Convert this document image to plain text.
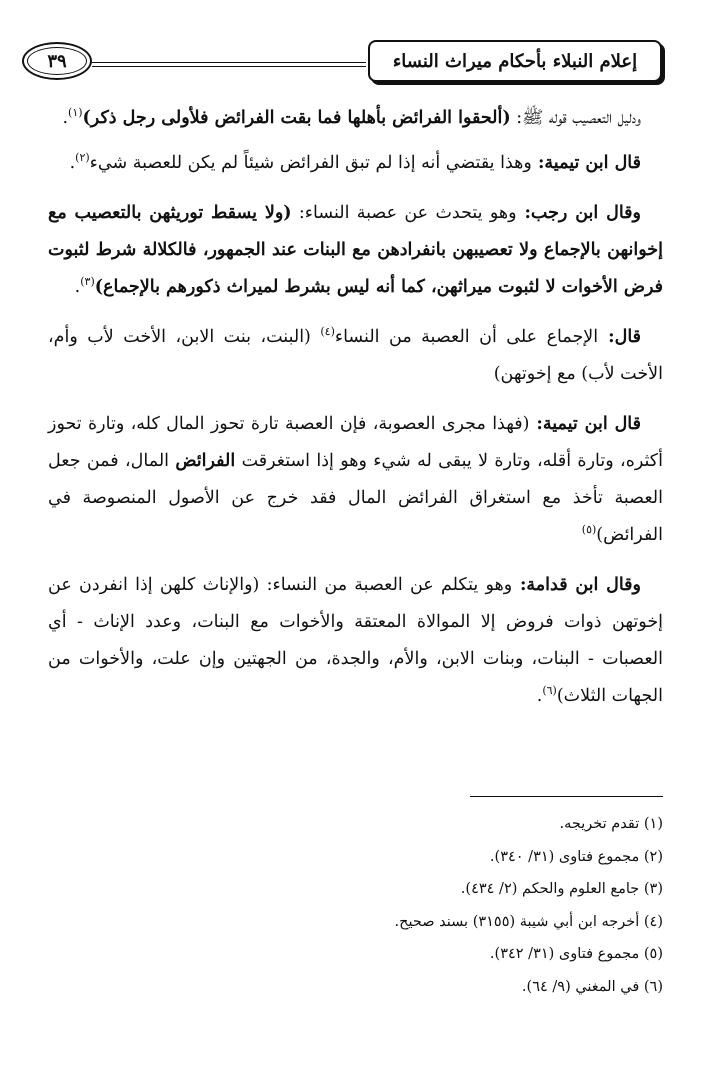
إعلام النبلاء بأحكام ميراث النساء
٣٩

ودليل التعصيب قوله ﷺ: (ألحقوا الفرائض بأهلها فما بقت الفرائض فلأولى رجل ذكر)$^{(١)}$.

قال ابن تيمية: وهذا يقتضي أنه إذا لم تبق الفرائض شيئاً لم يكن للعصبة شيء$^{(٢)}$.

وقال ابن رجب: وهو يتحدث عن عصبة النساء: (ولا يسقط توريثهن بالتعصيب مع إخوانهن بالإجماع ولا تعصيبهن بانفرادهن مع البنات عند الجمهور، فالكلالة شرط لثبوت فرض الأخوات لا لثبوت ميراثهن، كما أنه ليس بشرط لميراث ذكورهم بالإجماع)$^{(٣)}$.

قال: الإجماع على أن العصبة من النساء$^{(٤)}$ (البنت، بنت الابن، الأخت لأب وأم، الأخت لأب) مع إخوتهن)

قال ابن تيمية: (فهذا مجرى العصوبة، فإن العصبة تارة تحوز المال كله، وتارة تحوز أكثره، وتارة أقله، وتارة لا يبقى له شيء وهو إذا استغرقت الفرائض المال، فمن جعل العصبة تأخذ مع استغراق الفرائض المال فقد خرج عن الأصول المنصوصة في الفرائض)$^{(٥)}$

وقال ابن قدامة: وهو يتكلم عن العصبة من النساء: (والإناث كلهن إذا انفردن عن إخوتهن ذوات فروض إلا الموالاة المعتقة والأخوات مع البنات، وعدد الإناث - أي العصبات - البنات، وبنات الابن، والأم، والجدة، من الجهتين وإن علت، والأخوات من الجهات الثلاث)$^{(٦)}$.

(١) تقدم تخريجه.
(٢) مجموع فتاوى (٣١/ ٣٤٠).
(٣) جامع العلوم والحكم (٢/ ٤٣٤).
(٤) أخرجه ابن أبي شيبة (٣١٥٥) بسند صحيح.
(٥) مجموع فتاوى (٣١/ ٣٤٢).
(٦) في المغني (٩/ ٦٤).
